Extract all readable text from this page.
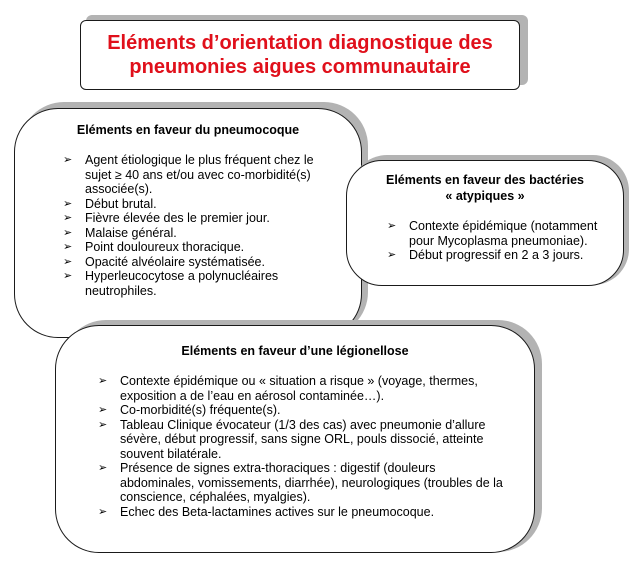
Eléments d’orientation diagnostique des
pneumonies aigues communautaire
Eléments en faveur du pneumocoque
➢ Agent étiologique le plus fréquent chez le sujet ≥ 40 ans et/ou avec co-morbidité(s) associée(s).
➢ Début brutal.
➢ Fièvre élevée des le premier jour.
➢ Malaise général.
➢ Point douloureux thoracique.
➢ Opacité alvéolaire systématisée.
➢ Hyperleucocytose a polynucléaires neutrophiles.
Eléments en faveur des bactéries
« atypiques »
➢ Contexte épidémique (notamment pour Mycoplasma pneumoniae).
➢ Début progressif en 2 a 3 jours.
Eléments en faveur d’une légionellose
➢ Contexte épidémique ou « situation a risque » (voyage, thermes, exposition a de l’eau en aérosol contaminée…).
➢ Co-morbidité(s) fréquente(s).
➢ Tableau Clinique évocateur (1/3 des cas) avec pneumonie d’allure sévère, début progressif, sans signe ORL, pouls dissocié, atteinte souvent bilatérale.
➢ Présence de signes extra-thoraciques : digestif (douleurs abdominales, vomissements, diarrhée), neurologiques (troubles de la conscience, céphalées, myalgies).
➢ Echec des Beta-lactamines actives sur le pneumocoque.
